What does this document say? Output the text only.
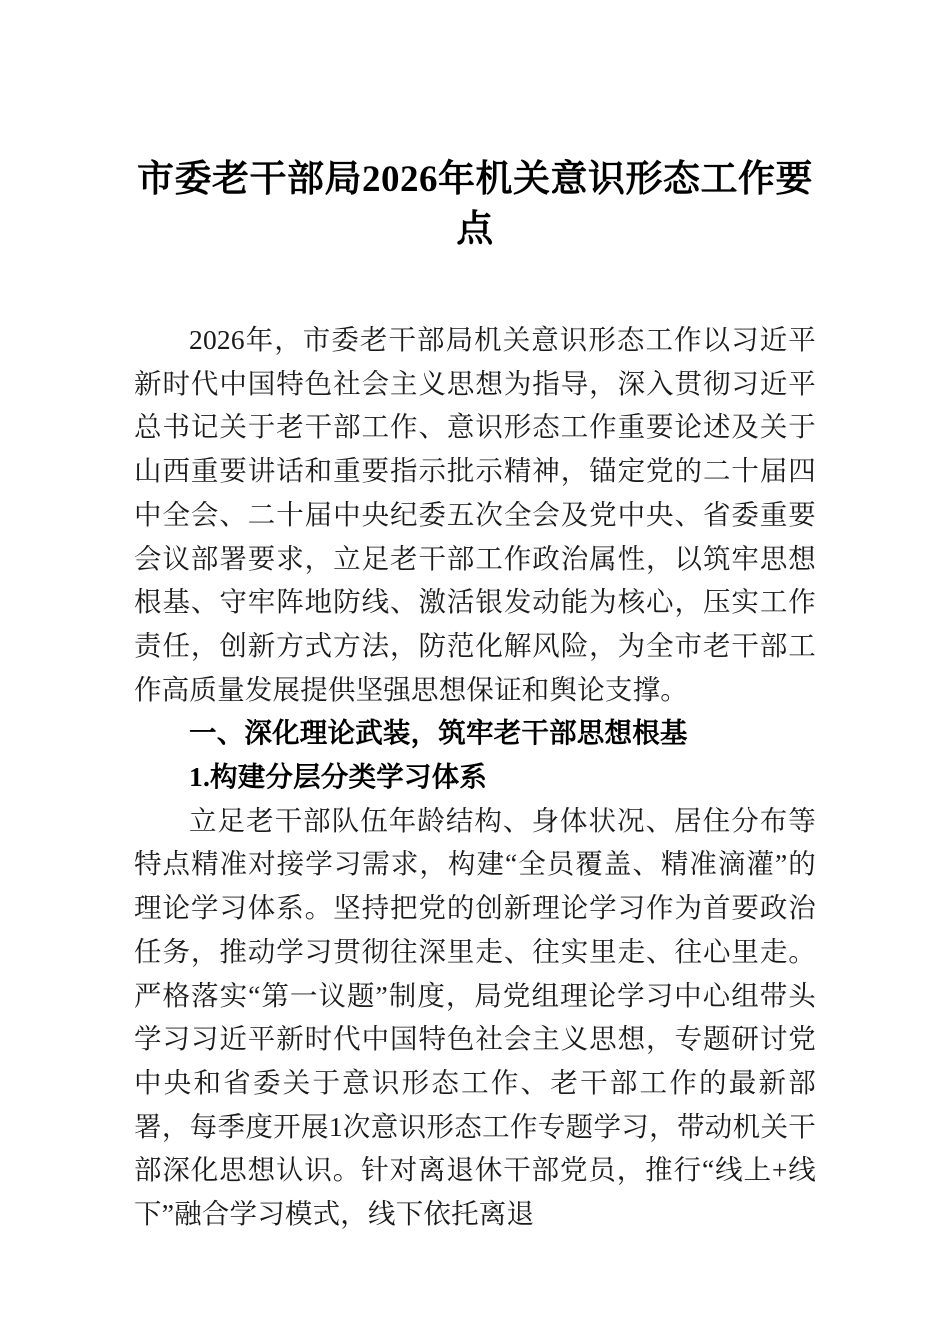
市委老干部局2026年机关意识形态工作要点

2026年，市委老干部局机关意识形态工作以习近平新时代中国特色社会主义思想为指导，深入贯彻习近平总书记关于老干部工作、意识形态工作重要论述及关于山西重要讲话和重要指示批示精神，锚定党的二十届四中全会、二十届中央纪委五次全会及党中央、省委重要会议部署要求，立足老干部工作政治属性，以筑牢思想根基、守牢阵地防线、激活银发动能为核心，压实工作责任，创新方式方法，防范化解风险，为全市老干部工作高质量发展提供坚强思想保证和舆论支撑。

一、深化理论武装，筑牢老干部思想根基

1.构建分层分类学习体系

立足老干部队伍年龄结构、身体状况、居住分布等特点精准对接学习需求，构建“全员覆盖、精准滴灌”的理论学习体系。坚持把党的创新理论学习作为首要政治任务，推动学习贯彻往深里走、往实里走、往心里走。严格落实“第一议题”制度，局党组理论学习中心组带头学习习近平新时代中国特色社会主义思想，专题研讨党中央和省委关于意识形态工作、老干部工作的最新部署，每季度开展1次意识形态工作专题学习，带动机关干部深化思想认识。针对离退休干部党员，推行“线上+线下”融合学习模式，线下依托离退
